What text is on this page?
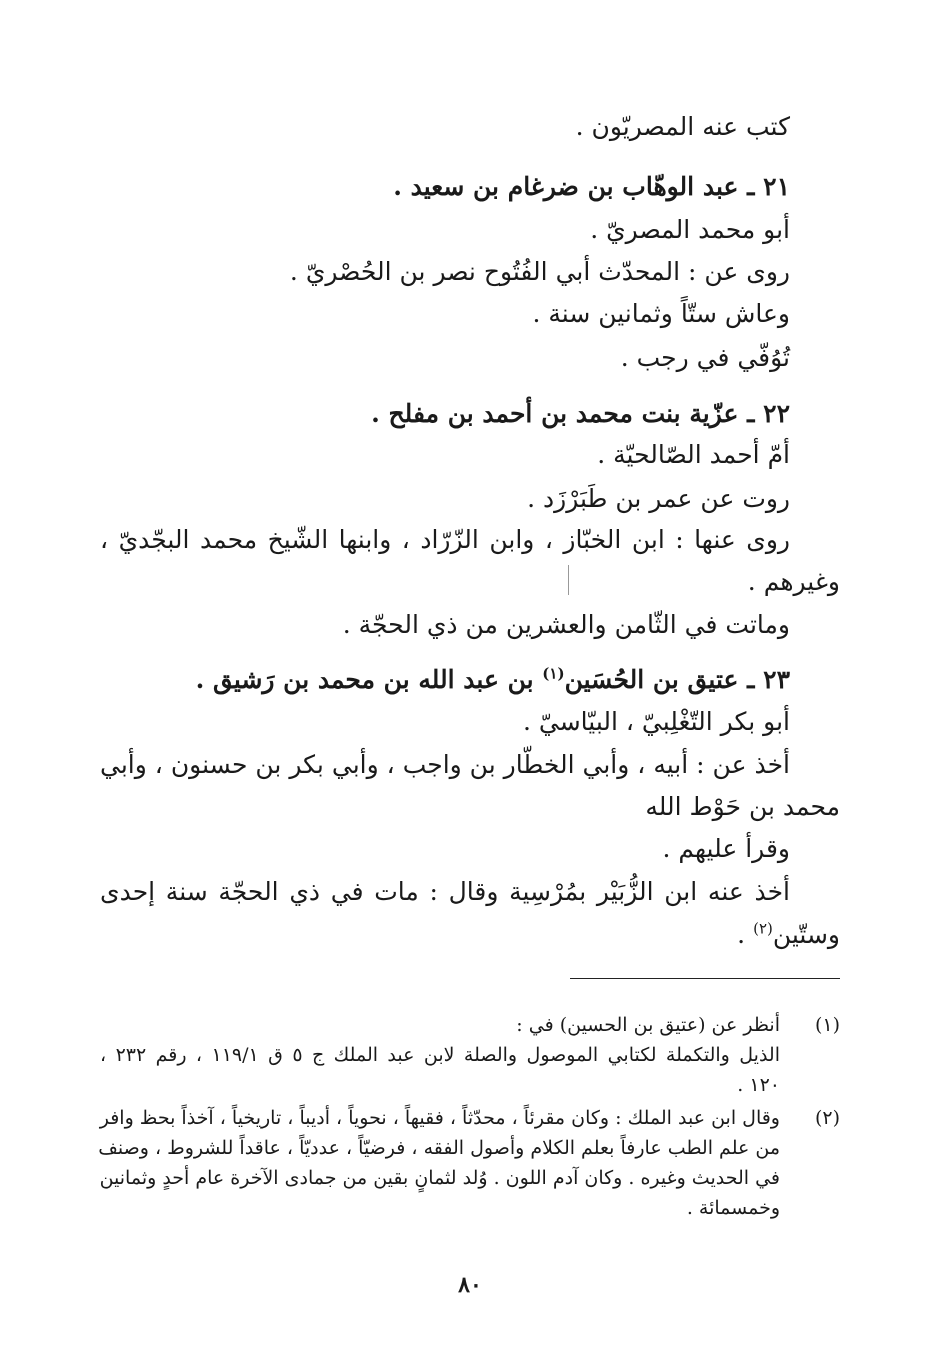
كتب عنه المصريّون .
٢١ ـ عبد الوهّاب بن ضرغام بن سعيد .
أبو محمد المصريّ .
روى عن : المحدّث أبي الفُتُوح نصر بن الحُصْريّ .
وعاش ستّاً وثمانين سنة .
تُوُفّي في رجب .
٢٢ ـ عزّية بنت محمد بن أحمد بن مفلح .
أمّ أحمد الصّالحيّة .
روت عن عمر بن طَبَرْزَد .
روى عنها : ابن الخبّاز ، وابن الزّرّاد ، وابنها الشّيخ محمد البجّديّ ،
وغيرهم .
وماتت في الثّامن والعشرين من ذي الحجّة .
٢٣ ـ عتيق بن الحُسَين$^{(١)}$ بن عبد الله بن محمد بن رَشيق .
أبو بكر التّغْلِبيّ ، البيّاسيّ .
أخذ عن : أبيه ، وأبي الخطّار بن واجب ، وأبي بكر بن حسنون ، وأبي
محمد بن حَوْط الله
وقرأ عليهم .
أخذ عنه ابن الزُّبَيْر بمُرْسِية وقال : مات في ذي الحجّة سنة إحدى
وستّين$^{(٢)}$ .
(١)
أنظر عن (عتيق بن الحسين) في :
الذيل والتكملة لكتابي الموصول والصلة لابن عبد الملك ج ٥ ق ١١٩/١ ، رقم ٢٣٢ ،
١٢٠ .
(٢)
وقال ابن عبد الملك : وكان مقرئاً ، محدّثاً ، فقيهاً ، نحوياً ، أديباً ، تاريخياً ، آخذاً بحظ وافر
من علم الطب عارفاً بعلم الكلام وأصول الفقه ، فرضيّاً ، عدديّاً ، عاقداً للشروط ، وصنف
في الحديث وغيره . وكان آدم اللون . وُلد لثمانٍ بقين من جمادى الآخرة عام أحدٍ وثمانين
وخمسمائة .
٨٠
